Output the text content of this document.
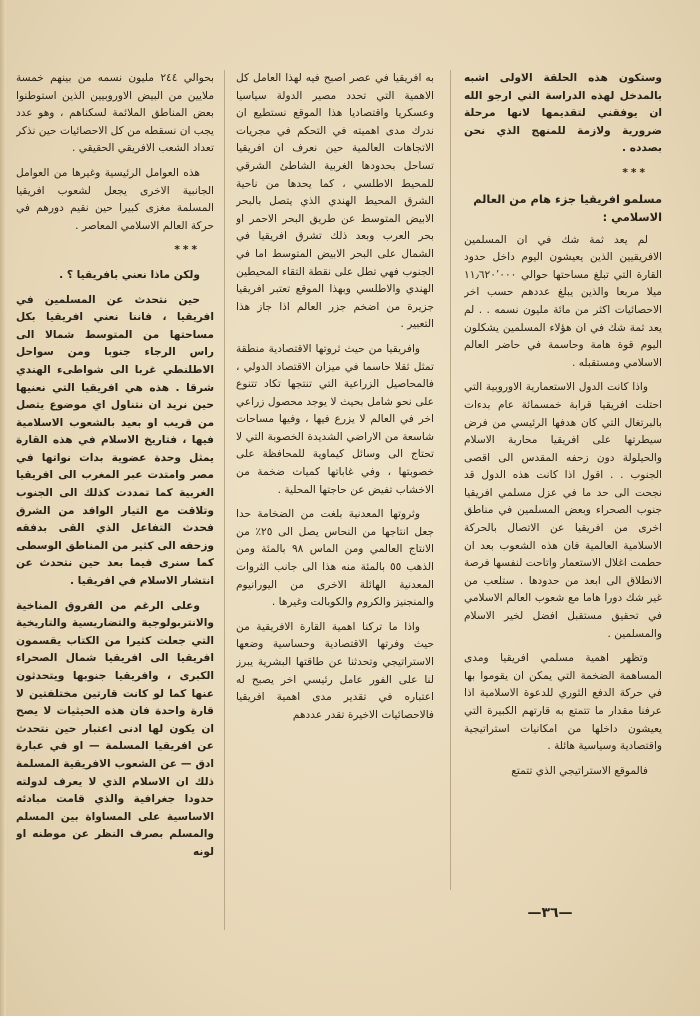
وستكون هذه الحلقة الاولى اشبه بالمدخل لهذه الدراسة التي ارجو الله ان يوفقني لتقديمها لانها مرحلة ضرورية ولازمة للمنهج الذي نحن بصدده .

***

مسلمو افريقيا جزء هام من العالم الاسلامي :

لم يعد ثمة شك في ان المسلمين الافريقيين الذين يعيشون اليوم داخل حدود القارة التي تبلغ مساحتها حوالي ١١٫٦٢٠٬٠٠٠ ميلا مربعا والذين يبلغ عددهم حسب اخر الاحصائيات اكثر من مائة مليون نسمه . . لم يعد ثمة شك في ان هؤلاء المسلمين يشكلون اليوم قوة هامة وحاسمة في حاضر العالم الاسلامي ومستقبله .

واذا كانت الدول الاستعمارية الاوروبية التي احتلت افريقيا قرابة خمسمائة عام بدءات بالبرتغال التي كان هدفها الرئيسي من فرض سيطرتها على افريقيا محاربة الاسلام والحيلولة دون زحفه المقدس الى اقصى الجنوب . . اقول اذا كانت هذه الدول قد نجحت الى حد ما في عزل مسلمي افريقيا جنوب الصحراء وبعض المسلمين في مناطق اخرى من افريقيا عن الاتصال بالحركة الاسلامية العالمية فان هذه الشعوب بعد ان حطمت اغلال الاستعمار واتاحت لنفسها فرصة الانطلاق الى ابعد من حدودها . ستلعب من غير شك دورا هاما مع شعوب العالم الاسلامي في تحقيق مستقبل افضل لخير الاسلام والمسلمين .

وتظهر اهمية مسلمي افريقيا ومدى المساهمة الضخمة التي يمكن ان يقوموا بها في حركة الدفع الثوري للدعوة الاسلامية اذا عرفنا مقدار ما تتمتع به قارتهم الكبيرة التي يعيشون داخلها من امكانيات استراتيجية واقتصادية وسياسية هائلة .

فالموقع الاستراتيجي الذي تتمتع

به افريقيا في عصر اصبح فيه لهذا العامل كل الاهمية التي تحدد مصير الدولة سياسيا وعسكريا واقتصاديا هذا الموقع نستطيع ان ندرك مدى اهميته في التحكم في مجريات الاتجاهات العالمية حين نعرف ان افريقيا تساحل بحدودها الغربية الشاطئ الشرقي للمحيط الاطلسي ، كما يحدها من ناحية الشرق المحيط الهندي الذي يتصل بالبحر الابيض المتوسط عن طريق البحر الاحمر او بحر العرب وبعد ذلك تشرق افريقيا في الشمال على البحر الابيض المتوسط اما في الجنوب فهي تطل على نقطة التقاء المحيطين الهندي والاطلسي وبهذا الموقع تعتبر افريقيا جزيرة من اضخم جزر العالم اذا جاز هذا التعبير .

وافريقيا من حيث ثروتها الاقتصادية منطقة تمثل ثقلا حاسما في ميزان الاقتصاد الدولي ، فالمحاصيل الزراعية التي تنتجها تكاد تتنوع على نحو شامل بحيث لا يوجد محصول زراعي اخر في العالم لا يزرع فيها ، وفيها مساحات شاسعة من الاراضي الشديدة الخصوبة التي لا تحتاج الى وسائل كيماوية للمحافظة على خصوبتها ، وفي غاباتها كميات ضخمة من الاخشاب تفيض عن حاجتها المحلية .

وثروتها المعدنية بلغت من الضخامة حدا جعل انتاجها من النحاس يصل الى ٢٥٪ من الانتاج العالمي ومن الماس ٩٨ بالمئة ومن الذهب ٥٥ بالمئة منه هذا الى جانب الثروات المعدنية الهائلة الاخرى من اليورانيوم والمنجنيز والكروم والكوبالت وغيرها .

واذا ما تركنا اهمية القارة الافريقية من حيث وفرتها الاقتصادية وحساسية وضعها الاستراتيجي وتحدثنا عن طاقتها البشرية يبرز لنا على الفور عامل رئيسي اخر يصبح له اعتباره في تقدير مدى اهمية افريقيا فالاحصائيات الاخيرة تقدر عددهم

بحوالي ٢٤٤ مليون نسمه من بينهم خمسة ملايين من البيض الاوروبيين الذين استوطنوا بعض المناطق الملائمة لسكناهم ، وهو عدد يجب ان نسقطه من كل الاحصائيات حين نذكر تعداد الشعب الافريقي الحقيقي .

هذه العوامل الرئيسية وغيرها من العوامل الجانبية الاخرى يجعل لشعوب افريقيا المسلمة مغزى كبيرا حين نقيم دورهم في حركة العالم الاسلامي المعاصر .

***

ولكن ماذا نعني بافريقيا ؟ .

حين نتحدث عن المسلمين في افريقيا ، فاننا نعني افريقيا بكل مساحتها من المتوسط شمالا الى راس الرجاء جنوبا ومن سواحل الاطلنطي غربا الى شواطىء الهندي شرقا . هذه هي افريقيا التي نعنيها حين نريد ان نتناول اي موضوع يتصل من قريب او بعيد بالشعوب الاسلامية فيها ، فتاريخ الاسلام في هذه القارة يمثل وحدة عضوية بدات نواتها في مصر وامتدت عبر المغرب الى افريقيا الغربية كما تمددت كذلك الى الجنوب وتلاقت مع التيار الوافد من الشرق فحدث التفاعل الذي القى بدفقه وزحفه الى كثير من المناطق الوسطى كما سنرى فيما بعد حين نتحدث عن انتشار الاسلام في افريقيا .

وعلى الرغم من الفروق المناخية والانتربولوجية والتضاريسية والتاريخية التي جعلت كثيرا من الكتاب يقسمون افريقيا الى افريقيا شمال الصحراء الكبرى ، وافريقيا جنوبها ويتحدثون عنها كما لو كانت قارتين مختلفتين لا قارة واحدة فان هذه الحيثيات لا يصح ان يكون لها ادنى اعتبار حين نتحدث عن افريقيا المسلمة — او في عبارة ادق — عن الشعوب الافريقية المسلمة ذلك ان الاسلام الذي لا يعرف لدولته حدودا جغرافية والذي قامت مبادئه الاساسية على المساواة بين المسلم والمسلم بصرف النظر عن موطنه او لونه

—٣٦—
